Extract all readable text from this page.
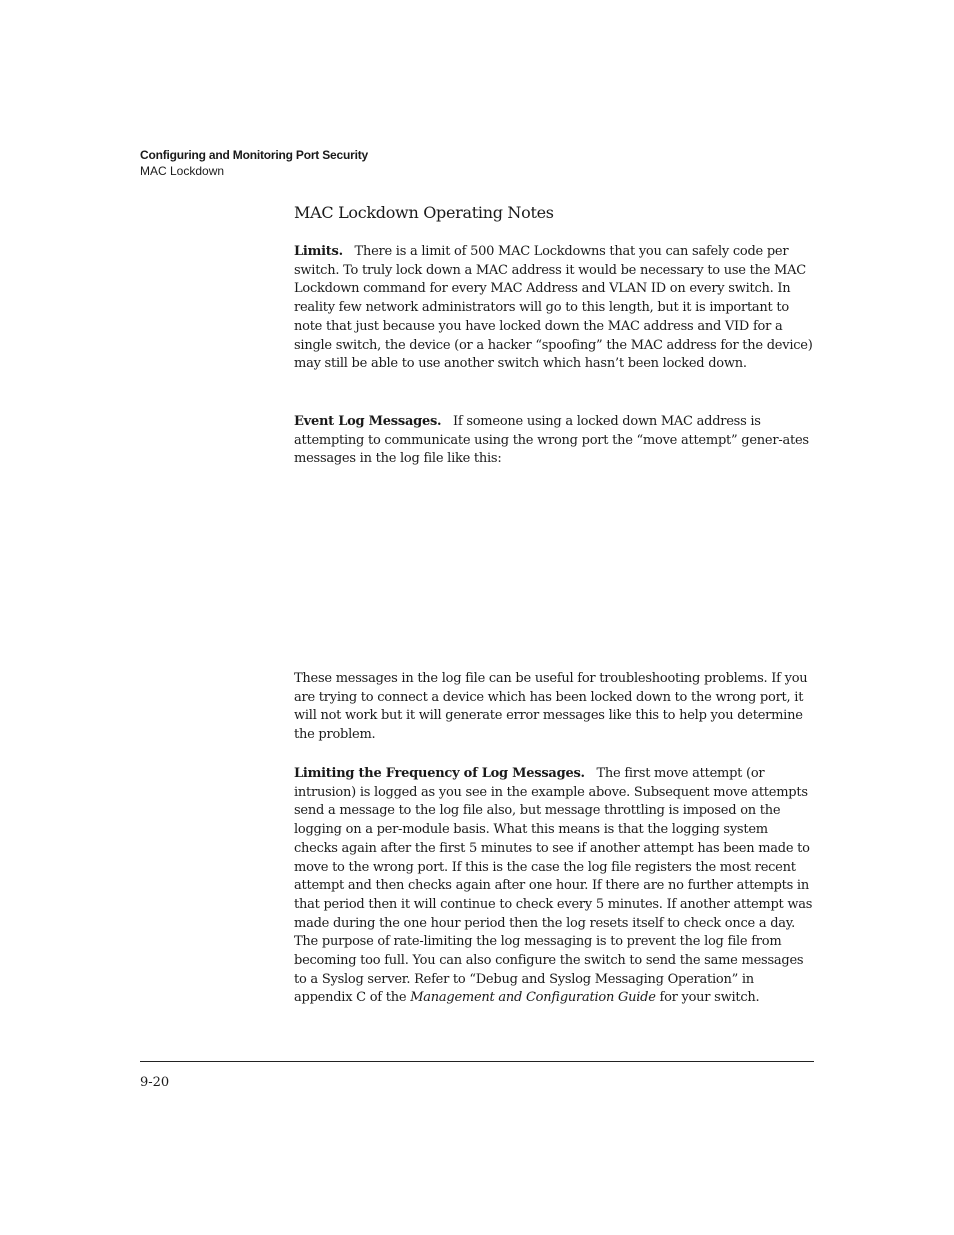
Configuring and Monitoring Port Security
MAC Lockdown
MAC Lockdown Operating Notes

Limits. There is a limit of 500 MAC Lockdowns that you can safely code per switch. To truly lock down a MAC address it would be necessary to use the MAC Lockdown command for every MAC Address and VLAN ID on every switch. In reality few network administrators will go to this length, but it is important to note that just because you have locked down the MAC address and VID for a single switch, the device (or a hacker “spoofing” the MAC address for the device) may still be able to use another switch which hasn’t been locked down.

Event Log Messages. If someone using a locked down MAC address is attempting to communicate using the wrong port the “move attempt” gener-ates messages in the log file like this:

These messages in the log file can be useful for troubleshooting problems. If you are trying to connect a device which has been locked down to the wrong port, it will not work but it will generate error messages like this to help you determine the problem.

Limiting the Frequency of Log Messages. The first move attempt (or intrusion) is logged as you see in the example above. Subsequent move attempts send a message to the log file also, but message throttling is imposed on the logging on a per-module basis. What this means is that the logging system checks again after the first 5 minutes to see if another attempt has been made to move to the wrong port. If this is the case the log file registers the most recent attempt and then checks again after one hour. If there are no further attempts in that period then it will continue to check every 5 minutes. If another attempt was made during the one hour period then the log resets itself to check once a day. The purpose of rate-limiting the log messaging is to prevent the log file from becoming too full. You can also configure the switch to send the same messages to a Syslog server. Refer to “Debug and Syslog Messaging Operation” in appendix C of the Management and Configuration Guide for your switch.

9-20
